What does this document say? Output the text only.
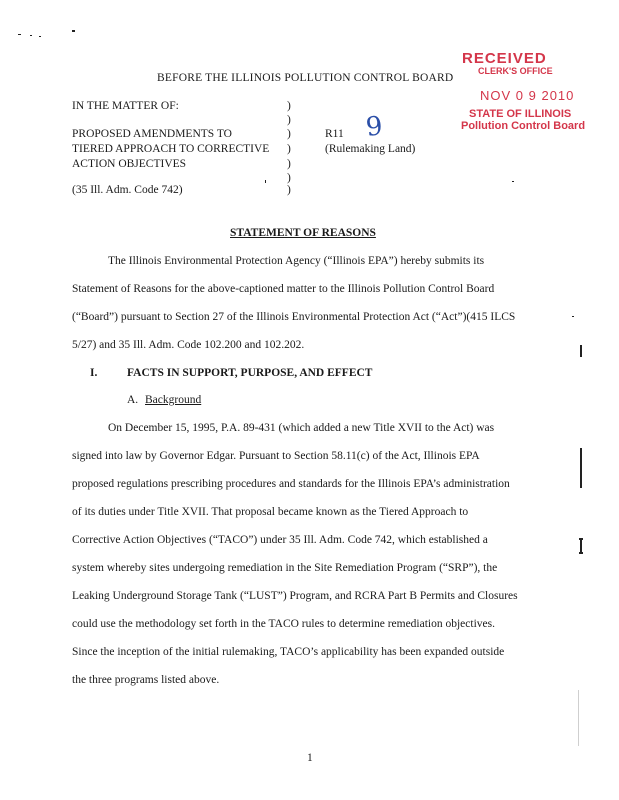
RECEIVED
CLERK'S OFFICE
NOV 0 9 2010
STATE OF ILLINOIS
Pollution Control Board
BEFORE THE ILLINOIS POLLUTION CONTROL BOARD
IN THE MATTER OF:
PROPOSED AMENDMENTS TO
TIERED APPROACH TO CORRECTIVE
ACTION OBJECTIVES
(35 Ill. Adm. Code 742)
)
)
)
)
)
)
)
R11 9
(Rulemaking Land)
STATEMENT OF REASONS
The Illinois Environmental Protection Agency (“Illinois EPA”) hereby submits its
Statement of Reasons for the above-captioned matter to the Illinois Pollution Control Board
(“Board”) pursuant to Section 27 of the Illinois Environmental Protection Act (“Act”)(415 ILCS
5/27) and 35 Ill. Adm. Code 102.200 and 102.202.
I.	FACTS IN SUPPORT, PURPOSE, AND EFFECT
A. Background
On December 15, 1995, P.A. 89-431 (which added a new Title XVII to the Act) was
signed into law by Governor Edgar. Pursuant to Section 58.11(c) of the Act, Illinois EPA
proposed regulations prescribing procedures and standards for the Illinois EPA’s administration
of its duties under Title XVII. That proposal became known as the Tiered Approach to
Corrective Action Objectives (“TACO”) under 35 Ill. Adm. Code 742, which established a
system whereby sites undergoing remediation in the Site Remediation Program (“SRP”), the
Leaking Underground Storage Tank (“LUST”) Program, and RCRA Part B Permits and Closures
could use the methodology set forth in the TACO rules to determine remediation objectives.
Since the inception of the initial rulemaking, TACO’s applicability has been expanded outside
the three programs listed above.
1
